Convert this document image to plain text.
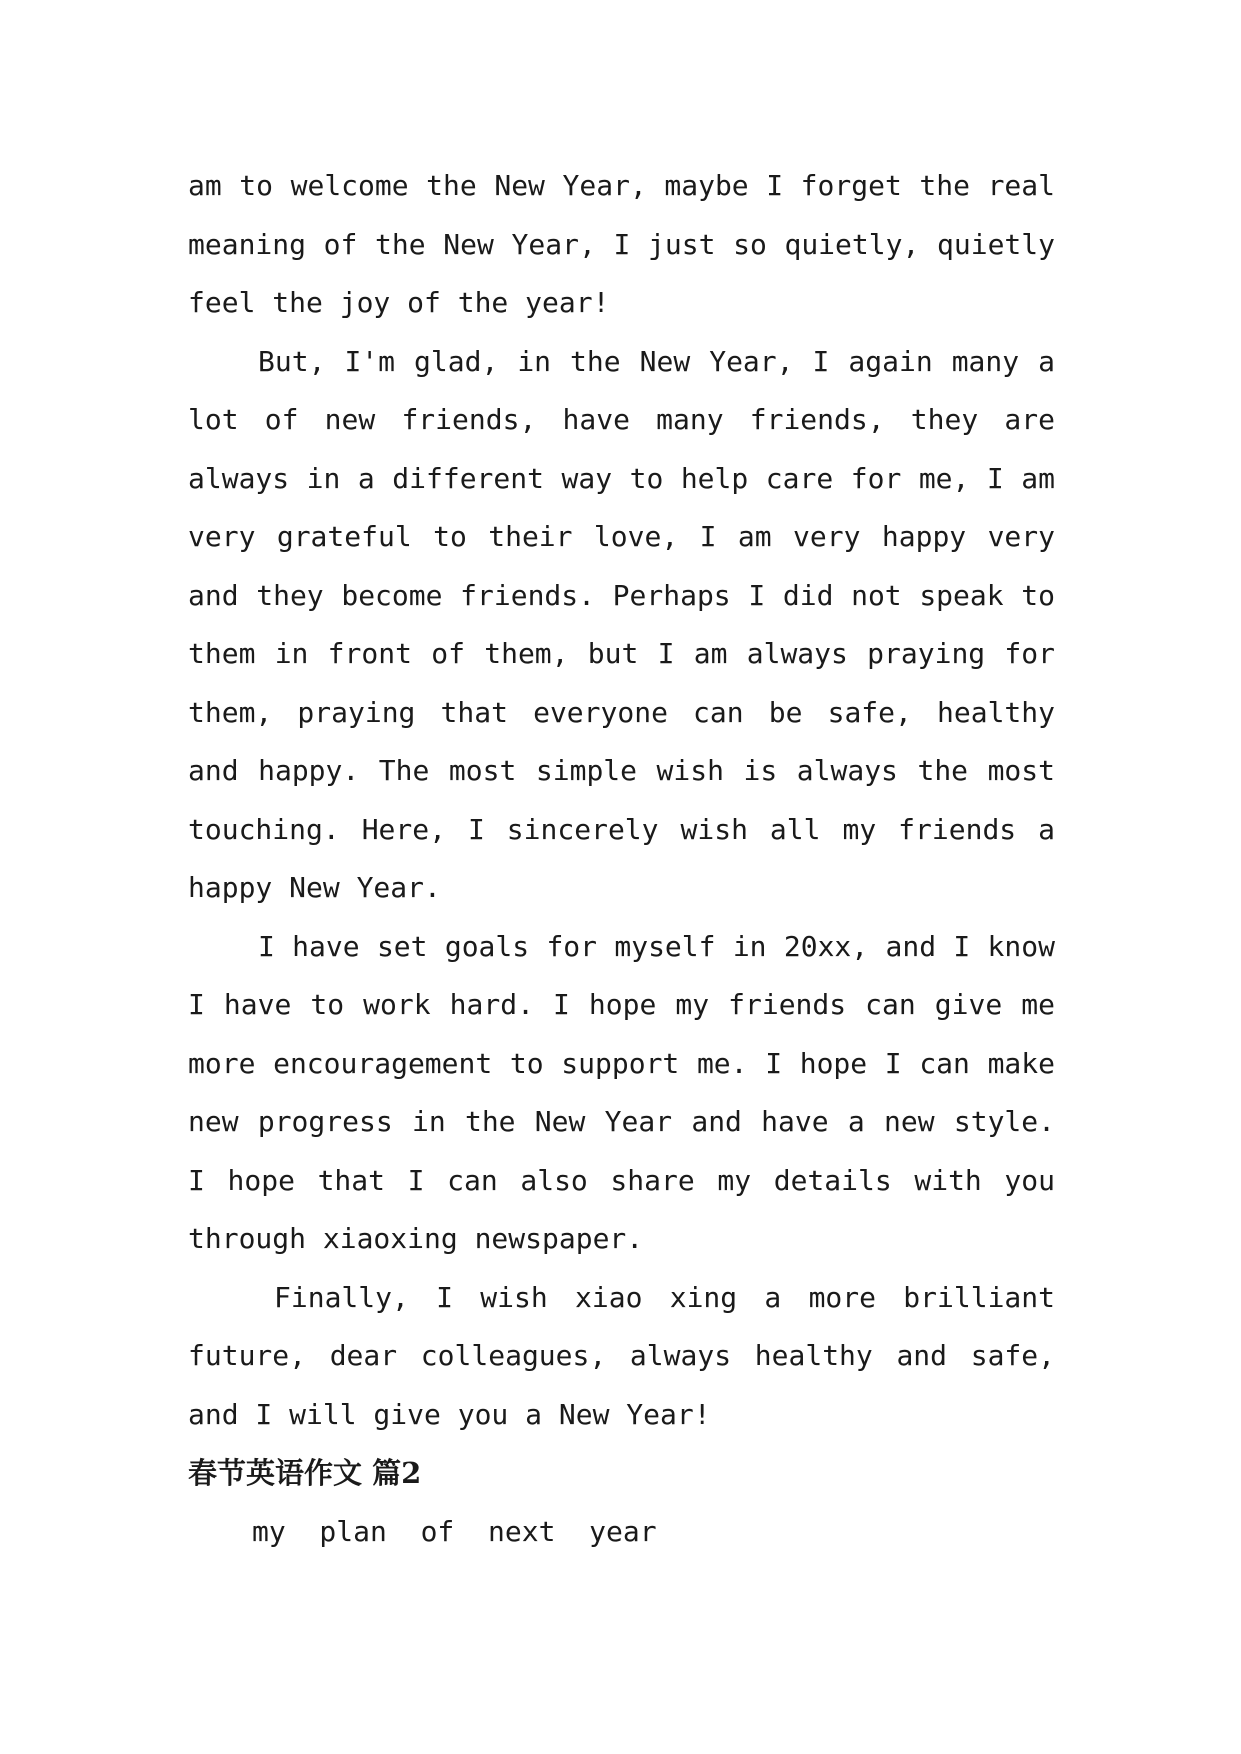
am to welcome the New Year, maybe I forget the real meaning of the New Year, I just so quietly, quietly feel the joy of the year!

But, I'm glad, in the New Year, I again many a lot of new friends, have many friends, they are always in a different way to help care for me, I am very grateful to their love, I am very happy very and they become friends. Perhaps I did not speak to them in front of them, but I am always praying for them, praying that everyone can be safe, healthy and happy. The most simple wish is always the most touching. Here, I sincerely wish all my friends a happy New Year.

I have set goals for myself in 20xx, and I know I have to work hard. I hope my friends can give me more encouragement to support me. I hope I can make new progress in the New Year and have a new style. I hope that I can also share my details with you through xiaoxing newspaper.

Finally, I wish xiao xing a more brilliant future, dear colleagues, always healthy and safe, and I will give you a New Year!

春节英语作文 篇2

my  plan  of  next  year
